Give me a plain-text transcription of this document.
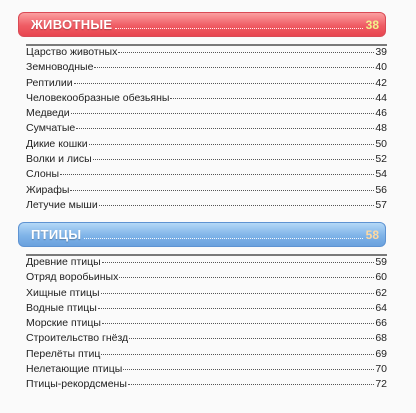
ЖИВОТНЫЕ	38
Царство животных	39
Земноводные	40
Рептилии	42
Человекообразные обезьяны	44
Медведи	46
Сумчатые	48
Дикие кошки	50
Волки и лисы	52
Слоны	54
Жирафы	56
Летучие мыши	57
ПТИЦЫ	58
Древние птицы	59
Отряд воробьиных	60
Хищные птицы	62
Водные птицы	64
Морские птицы	66
Строительство гнёзд	68
Перелёты птиц	69
Нелетающие птицы	70
Птицы-рекордсмены	72
